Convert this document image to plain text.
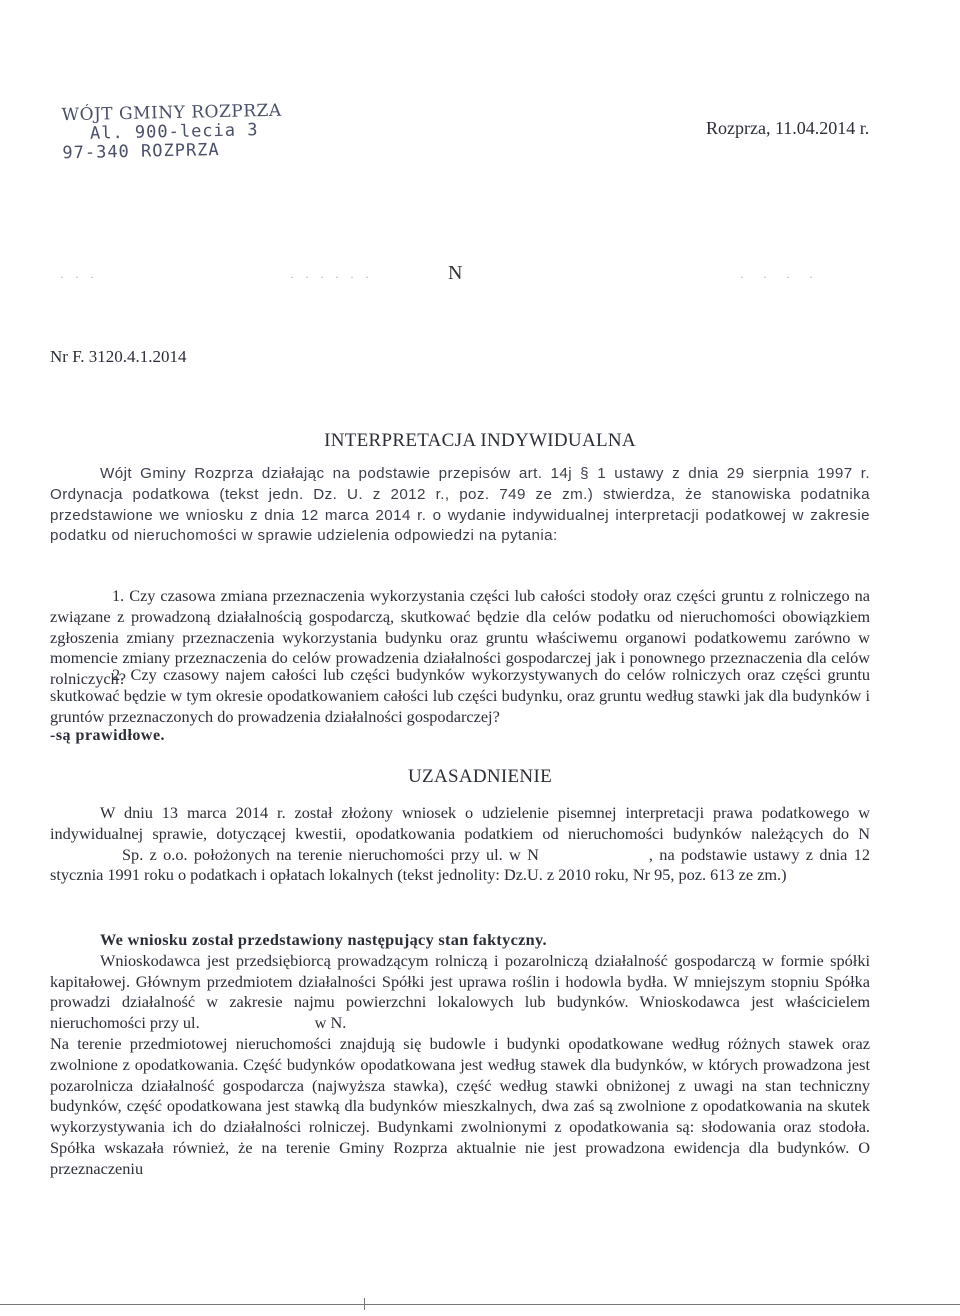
WÓJT GMINY ROZPRZA
Al. 900-lecia 3
97-340 ROZPRZA
Rozprza, 11.04.2014 r.
· · ·	· · · · · ·	N	· · · ·
Nr F. 3120.4.1.2014
INTERPRETACJA INDYWIDUALNA

Wójt Gminy Rozprza działając na podstawie przepisów art. 14j § 1 ustawy z dnia 29 sierpnia 1997 r. Ordynacja podatkowa (tekst jedn. Dz. U. z 2012 r., poz. 749 ze zm.) stwierdza, że stanowiska podatnika przedstawione we wniosku z dnia 12 marca 2014 r. o wydanie indywidualnej interpretacji podatkowej w zakresie podatku od nieruchomości w sprawie udzielenia odpowiedzi na pytania:

1. Czy czasowa zmiana przeznaczenia wykorzystania części lub całości stodoły oraz części gruntu z rolniczego na związane z prowadzoną działalnością gospodarczą, skutkować będzie dla celów podatku od nieruchomości obowiązkiem zgłoszenia zmiany przeznaczenia wykorzystania budynku oraz gruntu właściwemu organowi podatkowemu zarówno w momencie zmiany przeznaczenia do celów prowadzenia działalności gospodarczej jak i ponownego przeznaczenia dla celów rolniczych?

2. Czy czasowy najem całości lub części budynków wykorzystywanych do celów rolniczych oraz części gruntu skutkować będzie w tym okresie opodatkowaniem całości lub części budynku, oraz gruntu według stawki jak dla budynków i gruntów przeznaczonych do prowadzenia działalności gospodarczej?

-są prawidłowe.
UZASADNIENIE

W dniu 13 marca 2014 r. został złożony wniosek o udzielenie pisemnej interpretacji prawa podatkowego w indywidualnej sprawie, dotyczącej kwestii, opodatkowania podatkiem od nieruchomości budynków należących do NSp. z o.o. położonych na terenie nieruchomości przy ul. w N	, na podstawie ustawy z dnia 12 stycznia 1991 roku o podatkach i opłatach lokalnych (tekst jednolity: Dz.U. z 2010 roku, Nr 95, poz. 613 ze zm.)

We wniosku został przedstawiony następujący stan faktyczny.

Wnioskodawca jest przedsiębiorcą prowadzącym rolniczą i pozarolniczą działalność gospodarczą w formie spółki kapitałowej. Głównym przedmiotem działalności Spółki jest uprawa roślin i hodowla bydła. W mniejszym stopniu Spółka prowadzi działalność w zakresie najmu powierzchni lokalowych lub budynków. Wnioskodawca jest właścicielem nieruchomości przy ul.	w N.

Na terenie przedmiotowej nieruchomości znajdują się budowle i budynki opodatkowane według różnych stawek oraz zwolnione z opodatkowania. Część budynków opodatkowana jest według stawek dla budynków, w których prowadzona jest pozarolnicza działalność gospodarcza (najwyższa stawka), część według stawki obniżonej z uwagi na stan techniczny budynków, część opodatkowana jest stawką dla budynków mieszkalnych, dwa zaś są zwolnione z opodatkowania na skutek wykorzystywania ich do działalności rolniczej. Budynkami zwolnionymi z opodatkowania są: słodowania oraz stodoła. Spółka wskazała również, że na terenie Gminy Rozprza aktualnie nie jest prowadzona ewidencja dla budynków. O przeznaczeniu
